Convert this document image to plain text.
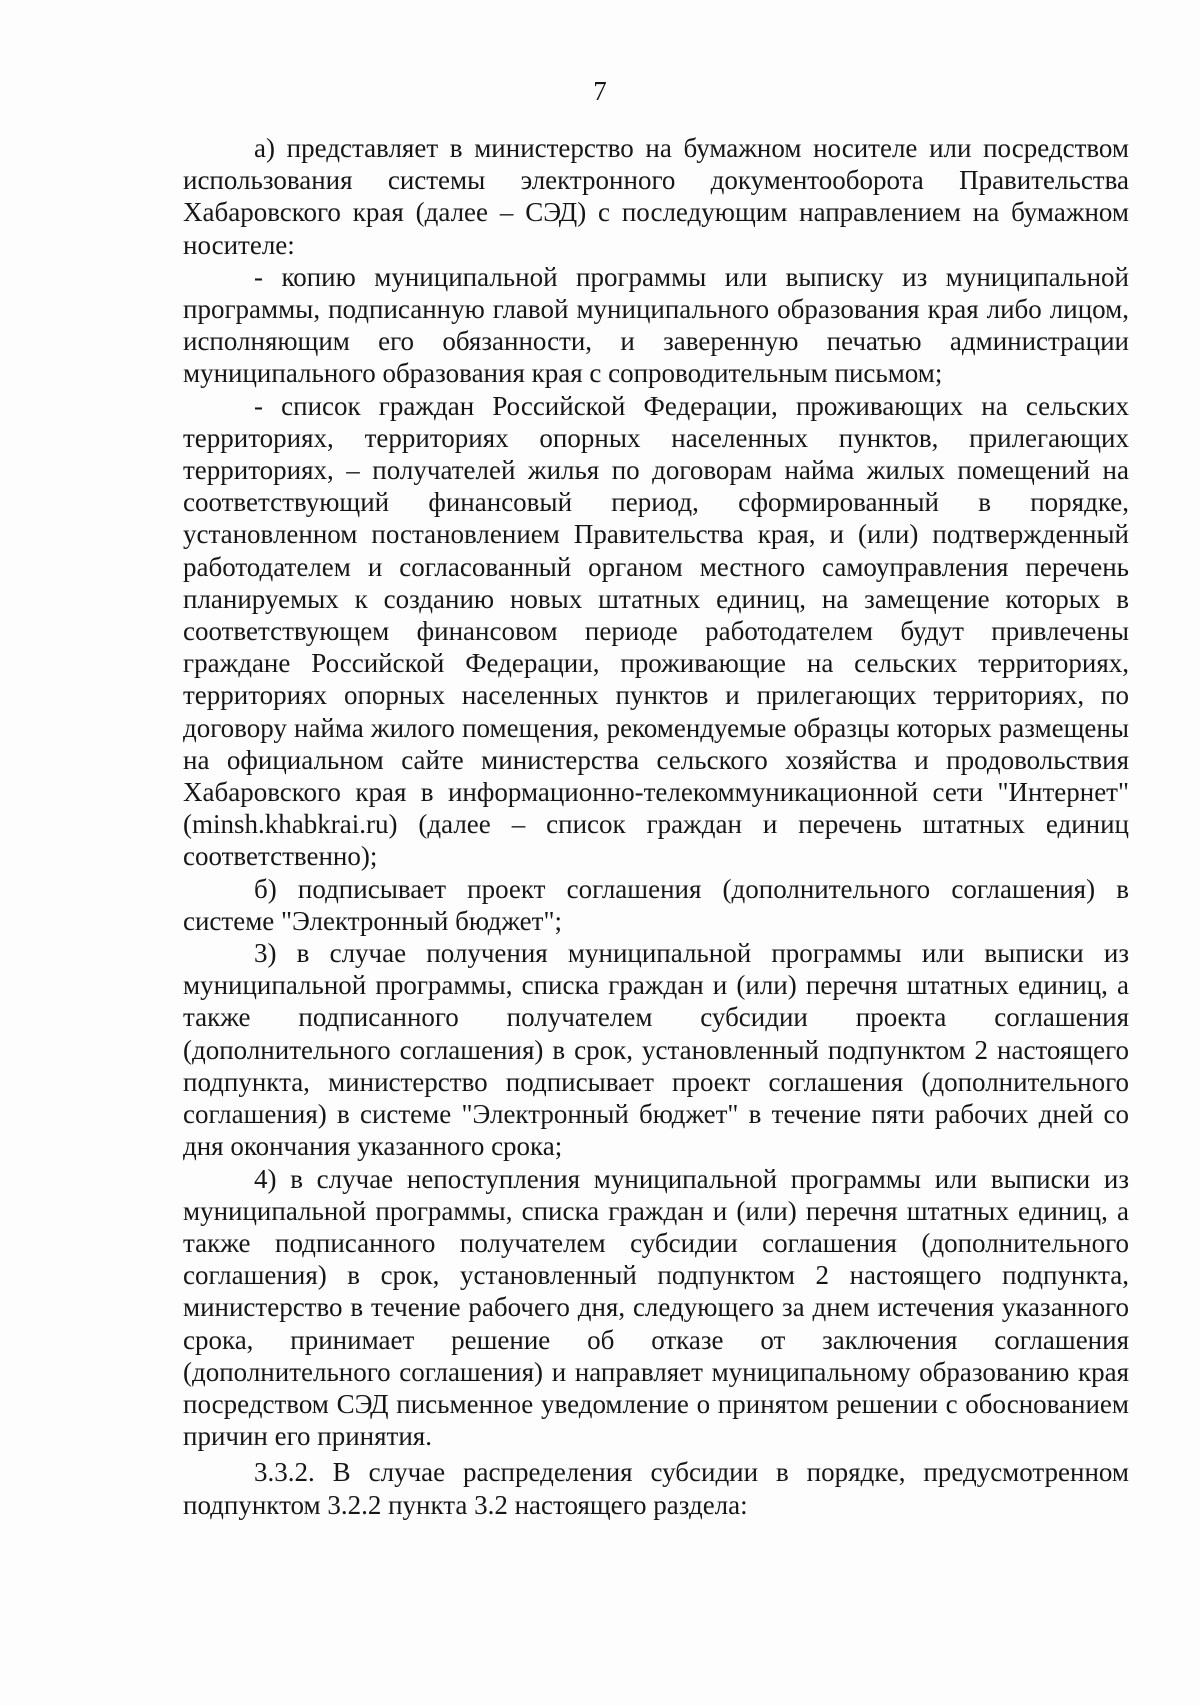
7

а) представляет в министерство на бумажном носителе или посредством использования системы электронного документооборота Правительства Хабаровского края (далее – СЭД) с последующим направлением на бумажном носителе:

- копию муниципальной программы или выписку из муниципальной программы, подписанную главой муниципального образования края либо лицом, исполняющим его обязанности, и заверенную печатью администрации муниципального образования края с сопроводительным письмом;

- список граждан Российской Федерации, проживающих на сельских территориях, территориях опорных населенных пунктов, прилегающих территориях, – получателей жилья по договорам найма жилых помещений на соответствующий финансовый период, сформированный в порядке, установленном постановлением Правительства края, и (или) подтвержденный работодателем и согласованный органом местного самоуправления перечень планируемых к созданию новых штатных единиц, на замещение которых в соответствующем финансовом периоде работодателем будут привлечены граждане Российской Федерации, проживающие на сельских территориях, территориях опорных населенных пунктов и прилегающих территориях, по договору найма жилого помещения, рекомендуемые образцы которых размещены на официальном сайте министерства сельского хозяйства и продовольствия Хабаровского края в информационно-телекоммуникационной сети "Интернет" (minsh.khabkrai.ru) (далее – список граждан и перечень штатных единиц соответственно);

б) подписывает проект соглашения (дополнительного соглашения) в системе "Электронный бюджет";

3) в случае получения муниципальной программы или выписки из муниципальной программы, списка граждан и (или) перечня штатных единиц, а также подписанного получателем субсидии проекта соглашения (дополнительного соглашения) в срок, установленный подпунктом 2 настоящего подпункта, министерство подписывает проект соглашения (дополнительного соглашения) в системе "Электронный бюджет" в течение пяти рабочих дней со дня окончания указанного срока;

4) в случае непоступления муниципальной программы или выписки из муниципальной программы, списка граждан и (или) перечня штатных единиц, а также подписанного получателем субсидии соглашения (дополнительного соглашения) в срок, установленный подпунктом 2 настоящего подпункта, министерство в течение рабочего дня, следующего за днем истечения указанного срока, принимает решение об отказе от заключения соглашения (дополнительного соглашения) и направляет муниципальному образованию края посредством СЭД письменное уведомление о принятом решении с обоснованием причин его принятия.

3.3.2. В случае распределения субсидии в порядке, предусмотренном подпунктом 3.2.2 пункта 3.2 настоящего раздела:
